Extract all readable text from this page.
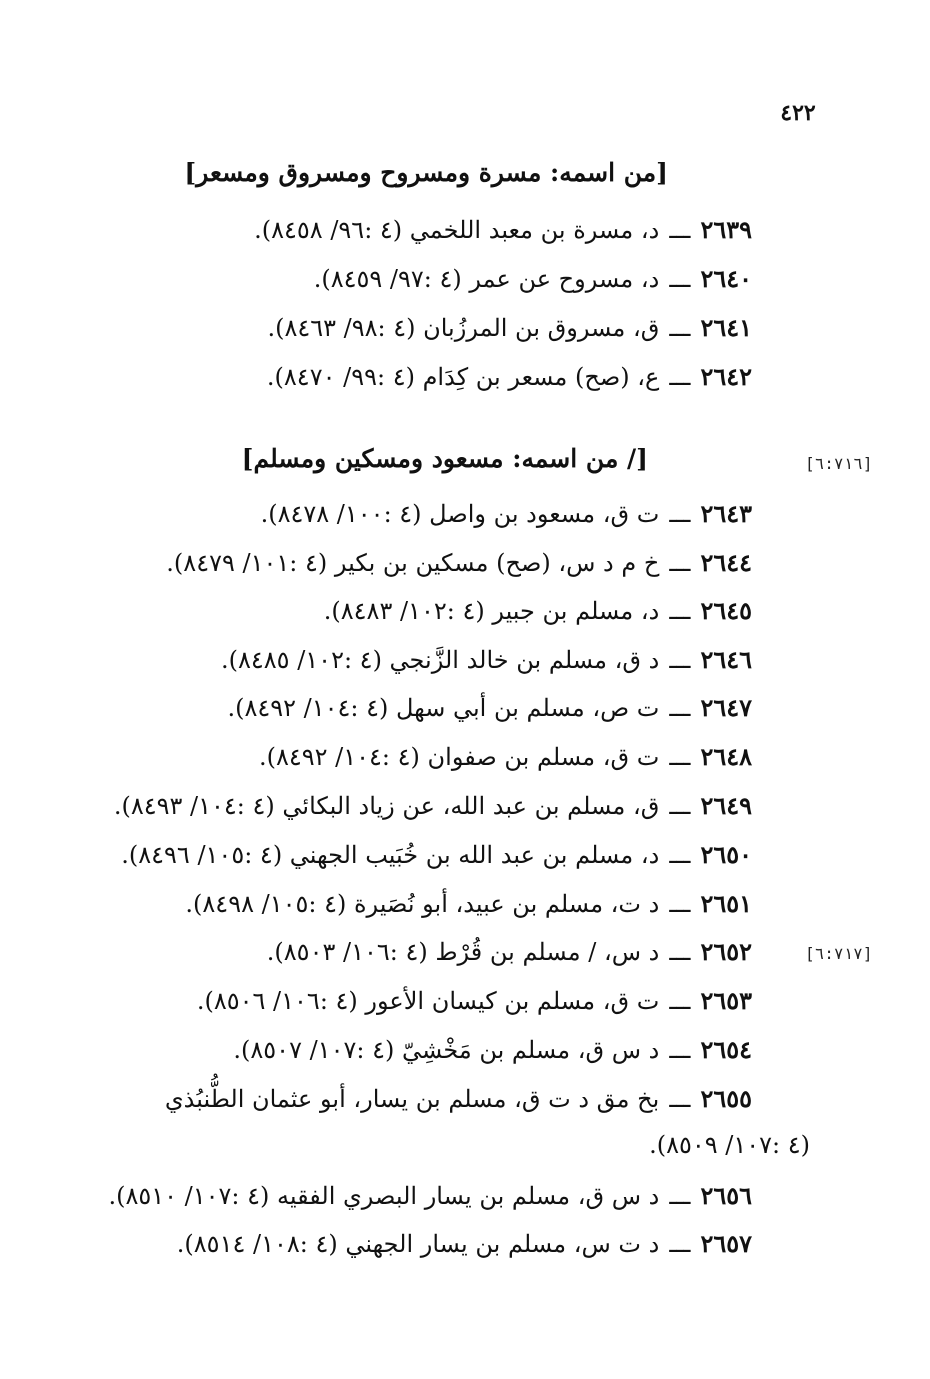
٤٢٢
[من اسمه: مسرة ومسروح ومسروق ومسعر]
٢٦٣٩ـــد، مسرة بن معبد اللخمي (٤ :٩٦/ ٨٤٥٨).
٢٦٤٠ـــد، مسروح عن عمر (٤ :٩٧/ ٨٤٥٩).
٢٦٤١ـــق، مسروق بن المرزُبان (٤ :٩٨/ ٨٤٦٣).
٢٦٤٢ـــع، (صح) مسعر بن كِدَام (٤ :٩٩/ ٨٤٧٠).
[٦:٧١٦]
[/ من اسمه: مسعود ومسكين ومسلم]
٢٦٤٣ـــت ق، مسعود بن واصل (٤ :١٠٠/ ٨٤٧٨).
٢٦٤٤ـــخ م د س، (صح) مسكين بن بكير (٤ :١٠١/ ٨٤٧٩).
٢٦٤٥ـــد، مسلم بن جبير (٤ :١٠٢/ ٨٤٨٣).
٢٦٤٦ـــد ق، مسلم بن خالد الزَّنجي (٤ :١٠٢/ ٨٤٨٥).
٢٦٤٧ـــت ص، مسلم بن أبي سهل (٤ :١٠٤/ ٨٤٩٢).
٢٦٤٨ـــت ق، مسلم بن صفوان (٤ :١٠٤/ ٨٤٩٢).
٢٦٤٩ـــق، مسلم بن عبد الله، عن زياد البكائي (٤ :١٠٤/ ٨٤٩٣).
٢٦٥٠ـــد، مسلم بن عبد الله بن خُبَيب الجهني (٤ :١٠٥/ ٨٤٩٦).
٢٦٥١ـــد ت، مسلم بن عبيد، أبو نُصَيرة (٤ :١٠٥/ ٨٤٩٨).
[٦:٧١٧]
٢٦٥٢ـــد س، / مسلم بن قُرْط (٤ :١٠٦/ ٨٥٠٣).
٢٦٥٣ـــت ق، مسلم بن كيسان الأعور (٤ :١٠٦/ ٨٥٠٦).
٢٦٥٤ـــد س ق، مسلم بن مَخْشِيّ (٤ :١٠٧/ ٨٥٠٧).
٢٦٥٥ـــبخ مق د ت ق، مسلم بن يسار، أبو عثمان الطُّنبُذي
(٤ :١٠٧/ ٨٥٠٩).
٢٦٥٦ـــد س ق، مسلم بن يسار البصري الفقيه (٤ :١٠٧/ ٨٥١٠).
٢٦٥٧ـــد ت س، مسلم بن يسار الجهني (٤ :١٠٨/ ٨٥١٤).
